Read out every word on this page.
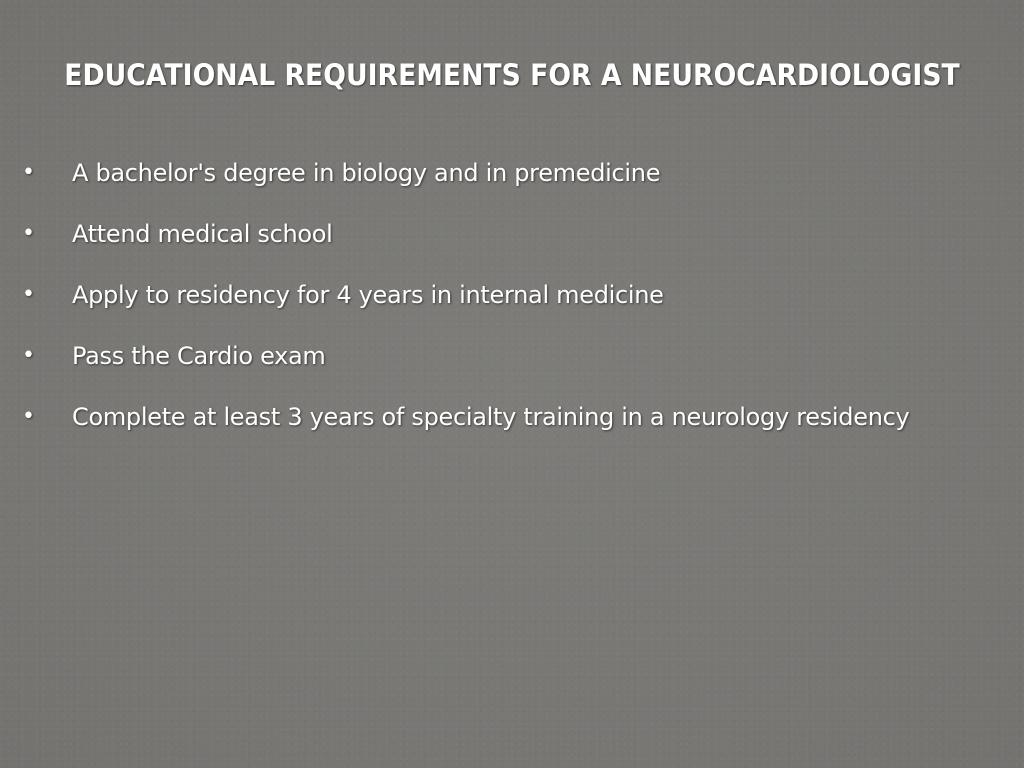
EDUCATIONAL REQUIREMENTS FOR A NEUROCARDIOLOGIST
• A bachelor's degree in biology and in premedicine
• Attend medical school
• Apply to residency for 4 years in internal medicine
• Pass the Cardio exam
• Complete at least 3 years of specialty training in a neurology residency
